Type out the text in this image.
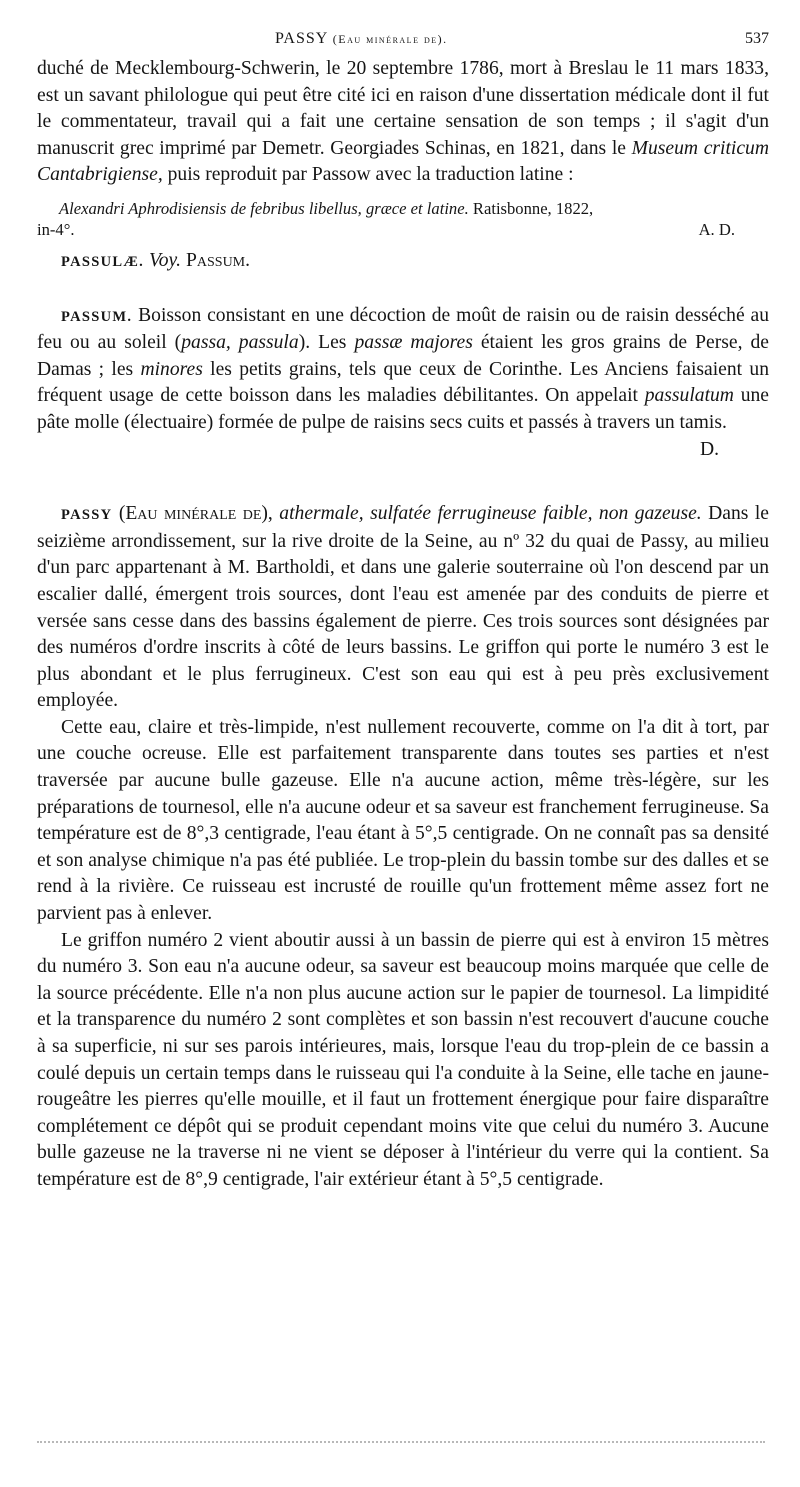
PASSY (Eau minérale de).	537

duché de Mecklembourg-Schwerin, le 20 septembre 1786, mort à Breslau le 11 mars 1833, est un savant philologue qui peut être cité ici en raison d'une dissertation médicale dont il fut le commentateur, travail qui a fait une certaine sensation de son temps ; il s'agit d'un manuscrit grec imprimé par Demetr. Georgiades Schinas, en 1821, dans le Museum criticum Cantabrigiense, puis reproduit par Passow avec la traduction latine :

Alexandri Aphrodisiensis de febribus libellus, græce et latine. Ratisbonne, 1822,
in-4°.	A. D.

PASSULÆ. Voy. Passum.

PASSUM. Boisson consistant en une décoction de moût de raisin ou de raisin desséché au feu ou au soleil (passa, passula). Les passæ majores étaient les gros grains de Perse, de Damas ; les minores les petits grains, tels que ceux de Corinthe. Les Anciens faisaient un fréquent usage de cette boisson dans les maladies débilitantes. On appelait passulatum une pâte molle (électuaire) formée de pulpe de raisins secs cuits et passés à travers un tamis.
D.

PASSY (Eau minérale de), athermale, sulfatée ferrugineuse faible, non gazeuse. Dans le seizième arrondissement, sur la rive droite de la Seine, au nº 32 du quai de Passy, au milieu d'un parc appartenant à M. Bartholdi, et dans une galerie souterraine où l'on descend par un escalier dallé, émergent trois sources, dont l'eau est amenée par des conduits de pierre et versée sans cesse dans des bassins également de pierre. Ces trois sources sont désignées par des numéros d'ordre inscrits à côté de leurs bassins. Le griffon qui porte le numéro 3 est le plus abondant et le plus ferrugineux. C'est son eau qui est à peu près exclusivement employée.

Cette eau, claire et très-limpide, n'est nullement recouverte, comme on l'a dit à tort, par une couche ocreuse. Elle est parfaitement transparente dans toutes ses parties et n'est traversée par aucune bulle gazeuse. Elle n'a aucune action, même très-légère, sur les préparations de tournesol, elle n'a aucune odeur et sa saveur est franchement ferrugineuse. Sa température est de 8°,3 centigrade, l'eau étant à 5°,5 centigrade. On ne connaît pas sa densité et son analyse chimique n'a pas été publiée. Le trop-plein du bassin tombe sur des dalles et se rend à la rivière. Ce ruisseau est incrusté de rouille qu'un frottement même assez fort ne parvient pas à enlever.

Le griffon numéro 2 vient aboutir aussi à un bassin de pierre qui est à environ 15 mètres du numéro 3. Son eau n'a aucune odeur, sa saveur est beaucoup moins marquée que celle de la source précédente. Elle n'a non plus aucune action sur le papier de tournesol. La limpidité et la transparence du numéro 2 sont complètes et son bassin n'est recouvert d'aucune couche à sa superficie, ni sur ses parois intérieures, mais, lorsque l'eau du trop-plein de ce bassin a coulé depuis un certain temps dans le ruisseau qui l'a conduite à la Seine, elle tache en jaune-rougeâtre les pierres qu'elle mouille, et il faut un frottement énergique pour faire disparaître complétement ce dépôt qui se produit cependant moins vite que celui du numéro 3. Aucune bulle gazeuse ne la traverse ni ne vient se déposer à l'intérieur du verre qui la contient. Sa température est de 8°,9 centigrade, l'air extérieur étant à 5°,5 centigrade.
